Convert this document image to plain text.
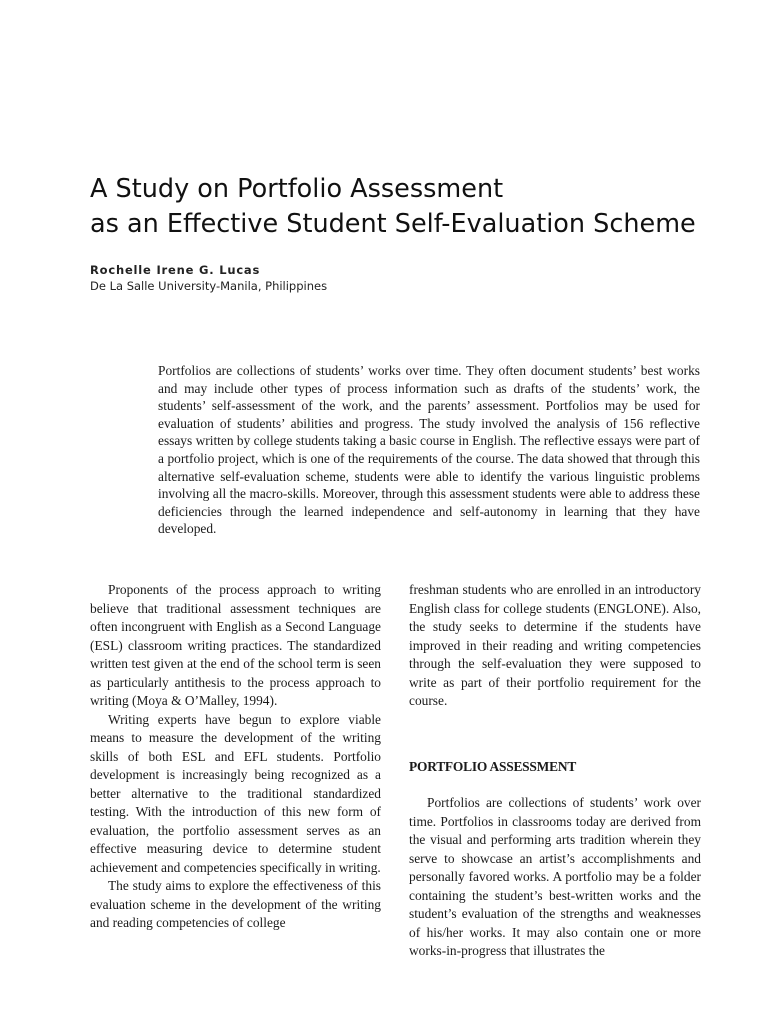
A Study on Portfolio Assessment
as an Effective Student Self-Evaluation Scheme
Rochelle Irene G. Lucas
De La Salle University-Manila, Philippines
Portfolios are collections of students’ works over time. They often document students’ best works and may include other types of process information such as drafts of the students’ work, the students’ self-assessment of the work, and the parents’ assessment. Portfolios may be used for evaluation of students’ abilities and progress. The study involved the analysis of 156 reflective essays written by college students taking a basic course in English. The reflective essays were part of a portfolio project, which is one of the requirements of the course. The data showed that through this alternative self-evaluation scheme, students were able to identify the various linguistic problems involving all the macro-skills. Moreover, through this assessment students were able to address these deficiencies through the learned independence and self-autonomy in learning that they have developed.

Proponents of the process approach to writing believe that traditional assessment techniques are often incongruent with English as a Second Language (ESL) classroom writing practices. The standardized written test given at the end of the school term is seen as particularly antithesis to the process approach to writing (Moya & O’Malley, 1994).

Writing experts have begun to explore viable means to measure the development of the writing skills of both ESL and EFL students. Portfolio development is increasingly being recognized as a better alternative to the traditional standardized testing. With the introduction of this new form of evaluation, the portfolio assessment serves as an effective measuring device to determine student achievement and competencies specifically in writing.

The study aims to explore the effectiveness of this evaluation scheme in the development of the writing and reading competencies of college

freshman students who are enrolled in an introductory English class for college students (ENGLONE). Also, the study seeks to determine if the students have improved in their reading and writing competencies through the self-evaluation they were supposed to write as part of their portfolio requirement for the course.

PORTFOLIO ASSESSMENT

Portfolios are collections of students’ work over time. Portfolios in classrooms today are derived from the visual and performing arts tradition wherein they serve to showcase an artist’s accomplishments and personally favored works. A portfolio may be a folder containing the student’s best-written works and the student’s evaluation of the strengths and weaknesses of his/her works. It may also contain one or more works-in-progress that illustrates the
